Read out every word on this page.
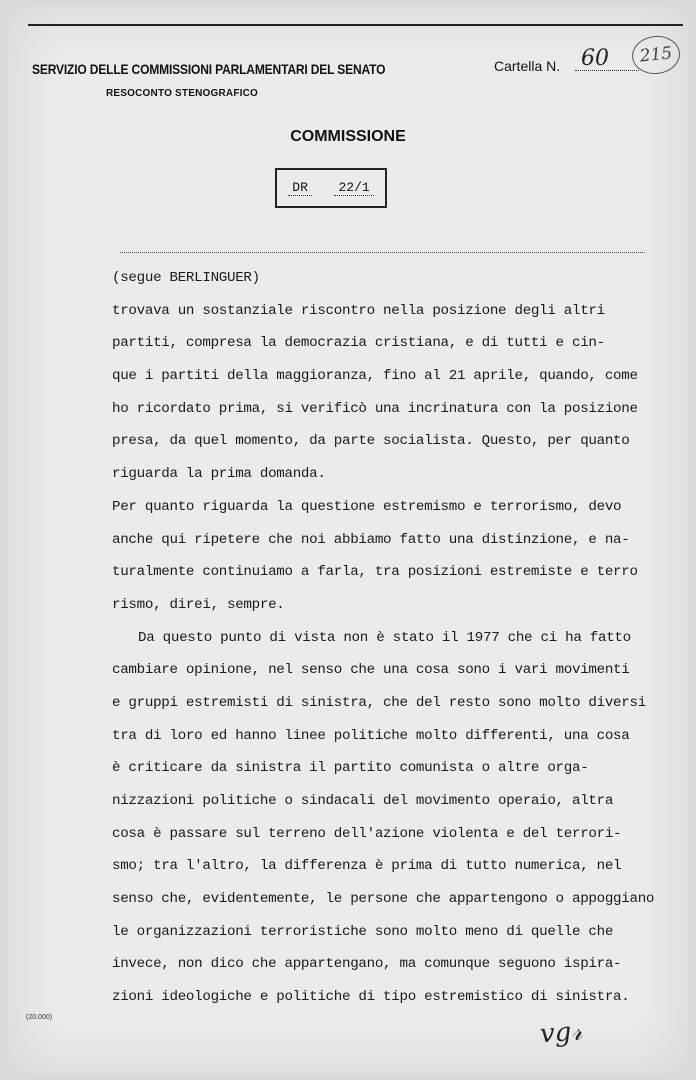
SERVIZIO DELLE COMMISSIONI PARLAMENTARI DEL SENATO
RESOCONTO STENOGRAFICO
Cartella N. 60	215
COMMISSIONE
DR	22/1
(segue BERLINGUER)
trovava un sostanziale riscontro nella posizione degli altri
partiti, compresa la democrazia cristiana, e di tutti e cin-
que i partiti della maggioranza, fino al 21 aprile, quando, come
ho ricordato prima, si verificò una incrinatura con la posizione
presa, da quel momento, da parte socialista. Questo, per quanto
riguarda la prima domanda.
Per quanto riguarda la questione estremismo e terrorismo, devo
anche qui ripetere che noi abbiamo fatto una distinzione, e na-
turalmente continuiamo a farla, tra posizioni estremiste e terro
rismo, direi, sempre.
Da questo punto di vista non è stato il 1977 che ci ha fatto
cambiare opinione, nel senso che una cosa sono i vari movimenti
e gruppi estremisti di sinistra, che del resto sono molto diversi
tra di loro ed hanno linee politiche molto differenti, una cosa
è criticare da sinistra il partito comunista o altre orga-
nizzazioni politiche o sindacali del movimento operaio, altra
cosa è passare sul terreno dell'azione violenta e del terrori-
smo; tra l'altro, la differenza è prima di tutto numerica, nel
senso che, evidentemente, le persone che appartengono o appoggiano
le organizzazioni terroristiche sono molto meno di quelle che
invece, non dico che appartengano, ma comunque seguono ispira-
zioni ideologiche e politiche di tipo estremistico di sinistra.
(20.000)	vg𝓇
